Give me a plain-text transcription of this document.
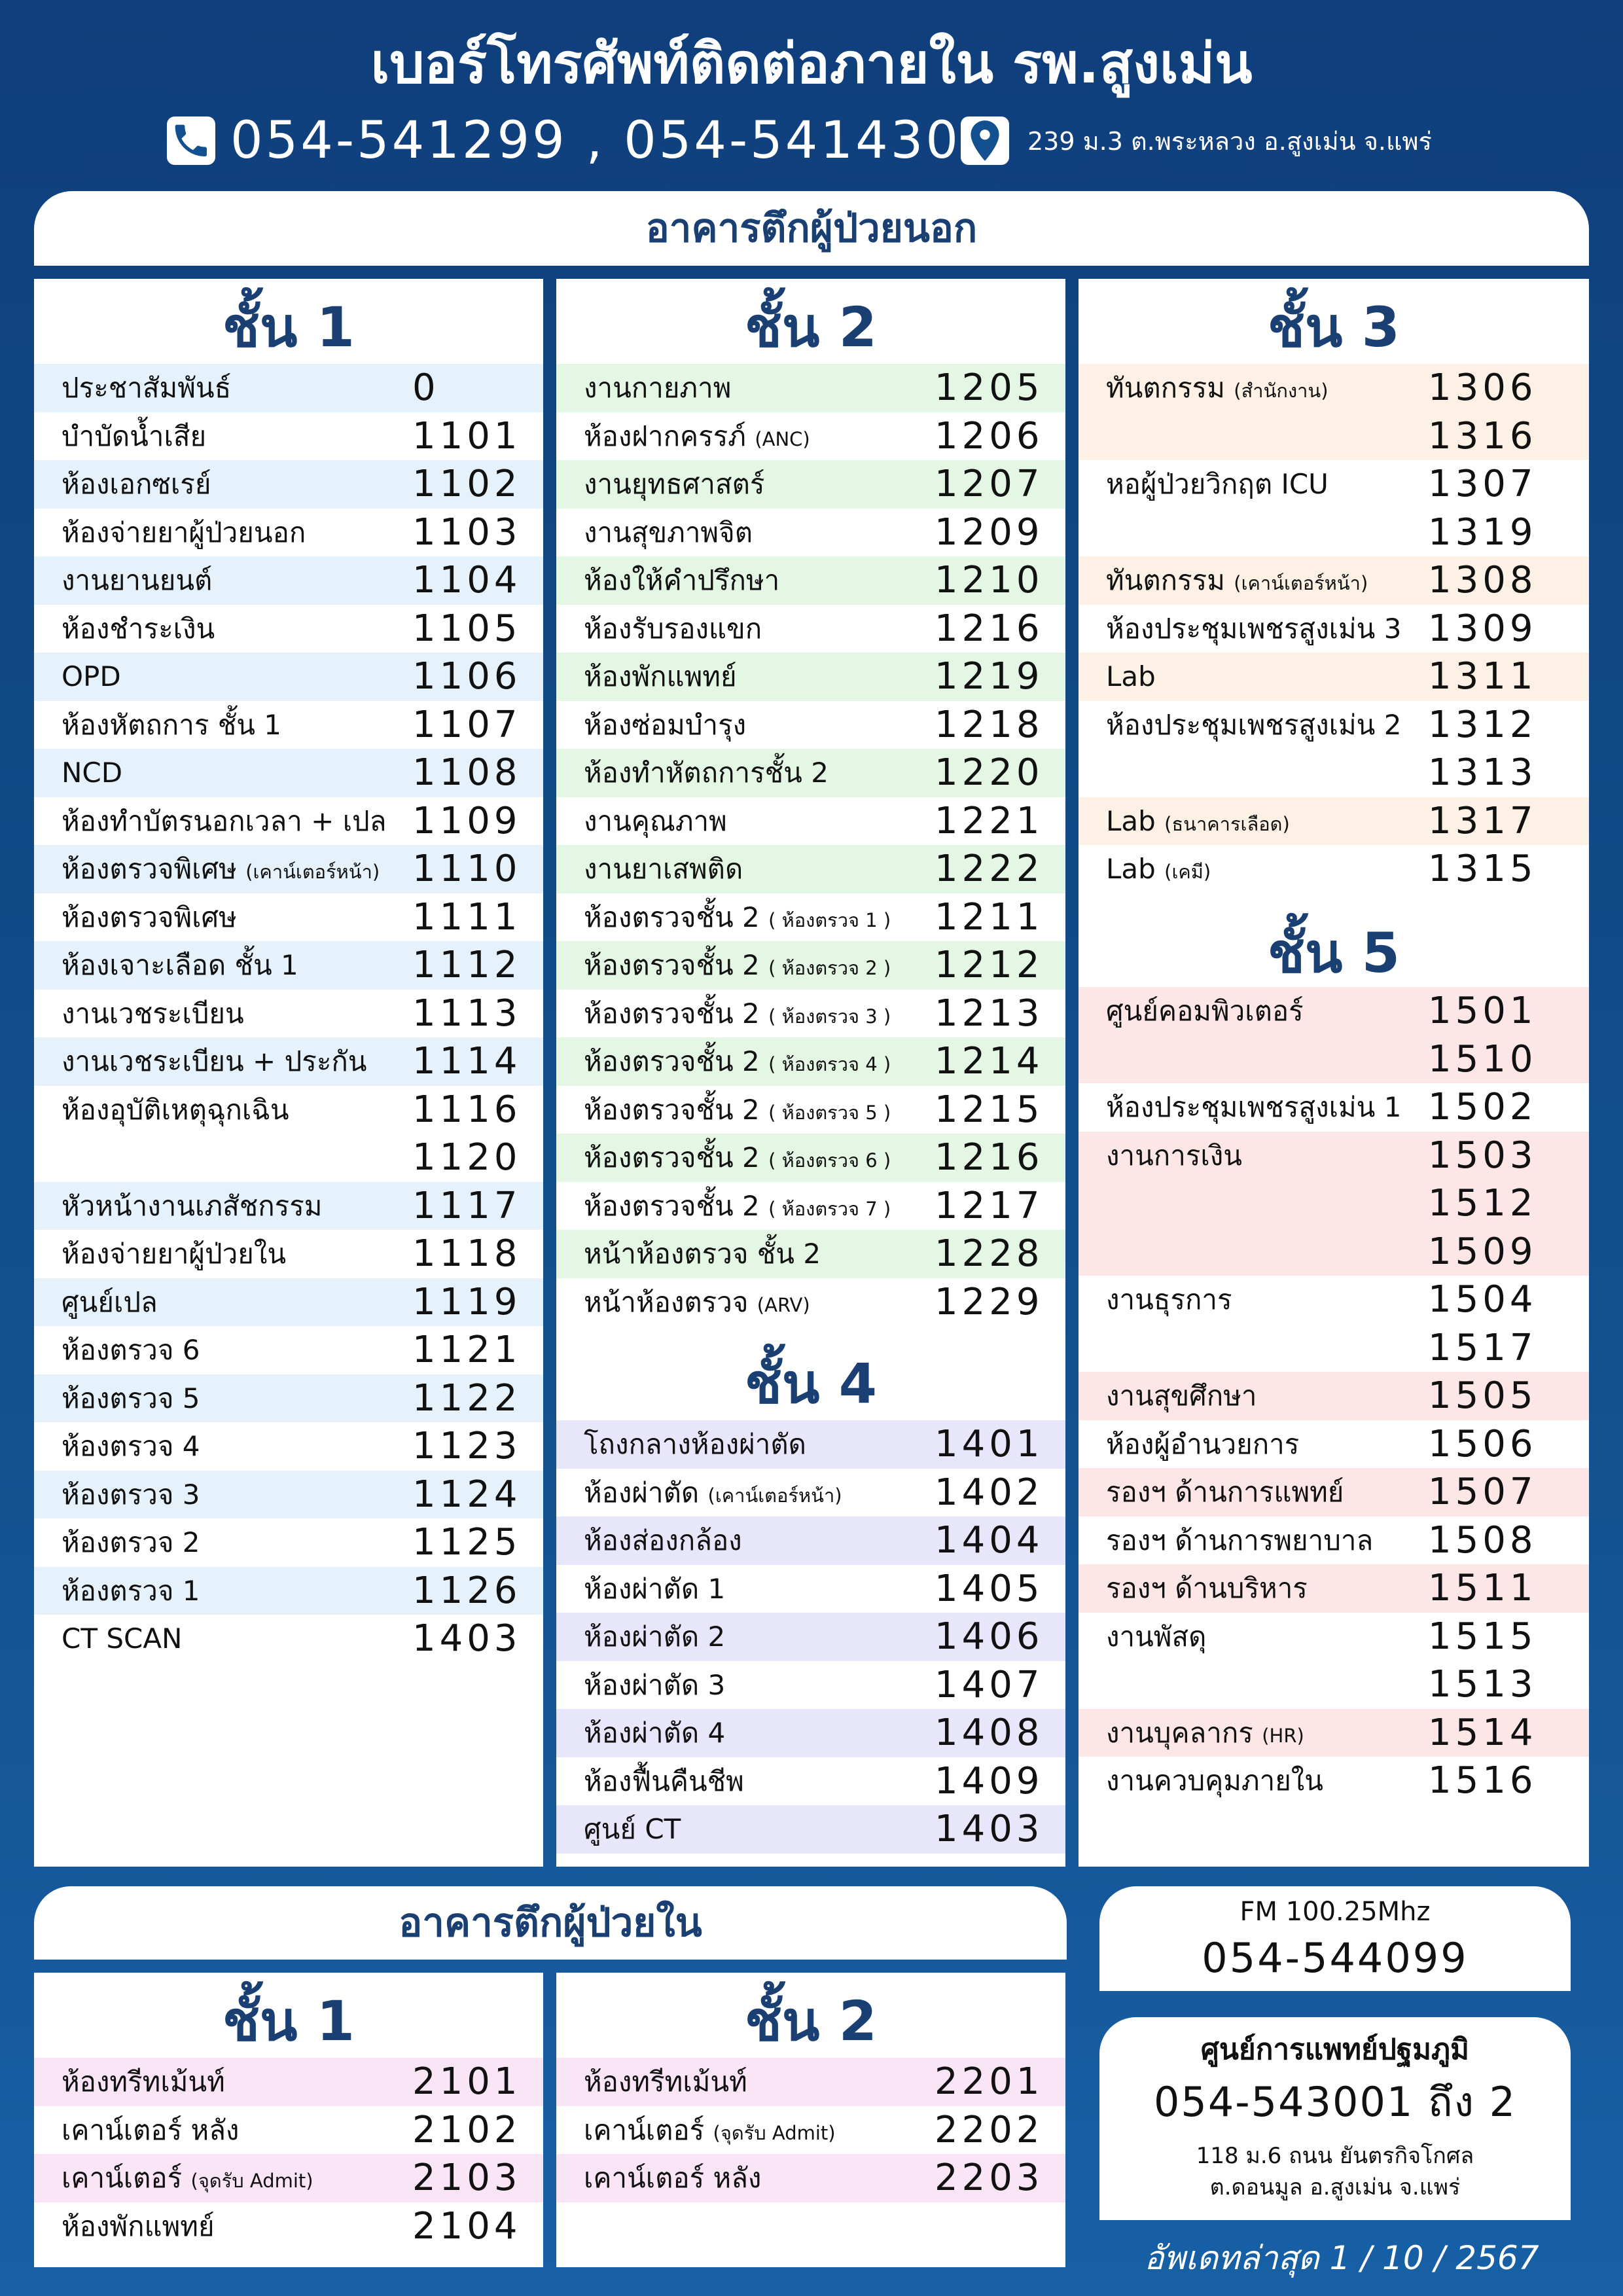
เบอร์โทรศัพท์ติดต่อภายใน รพ.สูงเม่น
054-541299 , 054-541430	239 ม.3 ต.พระหลวง อ.สูงเม่น จ.แพร่
อาคารตึกผู้ป่วยนอก
ชั้น 1
ประชาสัมพันธ์	0
บำบัดน้ำเสีย	1101
ห้องเอกซเรย์	1102
ห้องจ่ายยาผู้ป่วยนอก	1103
งานยานยนต์	1104
ห้องชำระเงิน	1105
OPD	1106
ห้องหัตถการ ชั้น 1	1107
NCD	1108
ห้องทำบัตรนอกเวลา + เปล 1109
ห้องตรวจพิเศษ (เคาน์เตอร์หน้า) 1110
ห้องตรวจพิเศษ	1111
ห้องเจาะเลือด ชั้น 1	1112
งานเวชระเบียน	1113
งานเวชระเบียน + ประกัน 1114
ห้องอุบัติเหตุฉุกเฉิน	1116
1120
หัวหน้างานเภสัชกรรม 1117
ห้องจ่ายยาผู้ป่วยใน	1118
ศูนย์เปล	1119
ห้องตรวจ 6	1121
ห้องตรวจ 5	1122
ห้องตรวจ 4	1123
ห้องตรวจ 3	1124
ห้องตรวจ 2	1125
ห้องตรวจ 1	1126
CT SCAN	1403
ชั้น 2
งานกายภาพ	1205
ห้องฝากครรภ์ (ANC)	1206
งานยุทธศาสตร์	1207
งานสุขภาพจิต	1209
ห้องให้คำปรึกษา	1210
ห้องรับรองแขก	1216
ห้องพักแพทย์	1219
ห้องซ่อมบำรุง	1218
ห้องทำหัตถการชั้น 2	1220
งานคุณภาพ	1221
งานยาเสพติด	1222
ห้องตรวจชั้น 2 ( ห้องตรวจ 1 ) 1211
ห้องตรวจชั้น 2 ( ห้องตรวจ 2 ) 1212
ห้องตรวจชั้น 2 ( ห้องตรวจ 3 ) 1213
ห้องตรวจชั้น 2 ( ห้องตรวจ 4 ) 1214
ห้องตรวจชั้น 2 ( ห้องตรวจ 5 ) 1215
ห้องตรวจชั้น 2 ( ห้องตรวจ 6 ) 1216
ห้องตรวจชั้น 2 ( ห้องตรวจ 7 ) 1217
หน้าห้องตรวจ ชั้น 2	1228
หน้าห้องตรวจ (ARV)	1229
ชั้น 4
โถงกลางห้องผ่าตัด	1401
ห้องผ่าตัด (เคาน์เตอร์หน้า)	1402
ห้องส่องกล้อง	1404
ห้องผ่าตัด 1	1405
ห้องผ่าตัด 2	1406
ห้องผ่าตัด 3	1407
ห้องผ่าตัด 4	1408
ห้องฟื้นคืนชีพ	1409
ศูนย์ CT	1403
ชั้น 3
ทันตกรรม (สำนักงาน)	1306
1316
หอผู้ป่วยวิกฤต ICU	1307
1319
ทันตกรรม (เคาน์เตอร์หน้า) 1308
ห้องประชุมเพชรสูงเม่น 3 1309
Lab	1311
ห้องประชุมเพชรสูงเม่น 2 1312
1313
Lab (ธนาคารเลือด)	1317
Lab (เคมี)	1315
ชั้น 5
ศูนย์คอมพิวเตอร์	1501
1510
ห้องประชุมเพชรสูงเม่น 1 1502
งานการเงิน	1503
1512
1509
งานธุรการ	1504
1517
งานสุขศึกษา	1505
ห้องผู้อำนวยการ	1506
รองฯ ด้านการแพทย์ 1507
รองฯ ด้านการพยาบาล 1508
รองฯ ด้านบริหาร	1511
งานพัสดุ	1515
1513
งานบุคลากร (HR)	1514
งานควบคุมภายใน	1516
อาคารตึกผู้ป่วยใน
ชั้น 1
ห้องทรีทเม้นท์	2101
เคาน์เตอร์ หลัง	2102
เคาน์เตอร์ (จุดรับ Admit)	2103
ห้องพักแพทย์	2104
ชั้น 2
ห้องทรีทเม้นท์	2201
เคาน์เตอร์ (จุดรับ Admit)	2202
เคาน์เตอร์ หลัง	2203
FM 100.25Mhz
054-544099
ศูนย์การแพทย์ปฐมภูมิ
054-543001 ถึง 2
118 ม.6 ถนน ยันตรกิจโกศล
ต.ดอนมูล อ.สูงเม่น จ.แพร่
อัพเดทล่าสุด 1 / 10 / 2567
